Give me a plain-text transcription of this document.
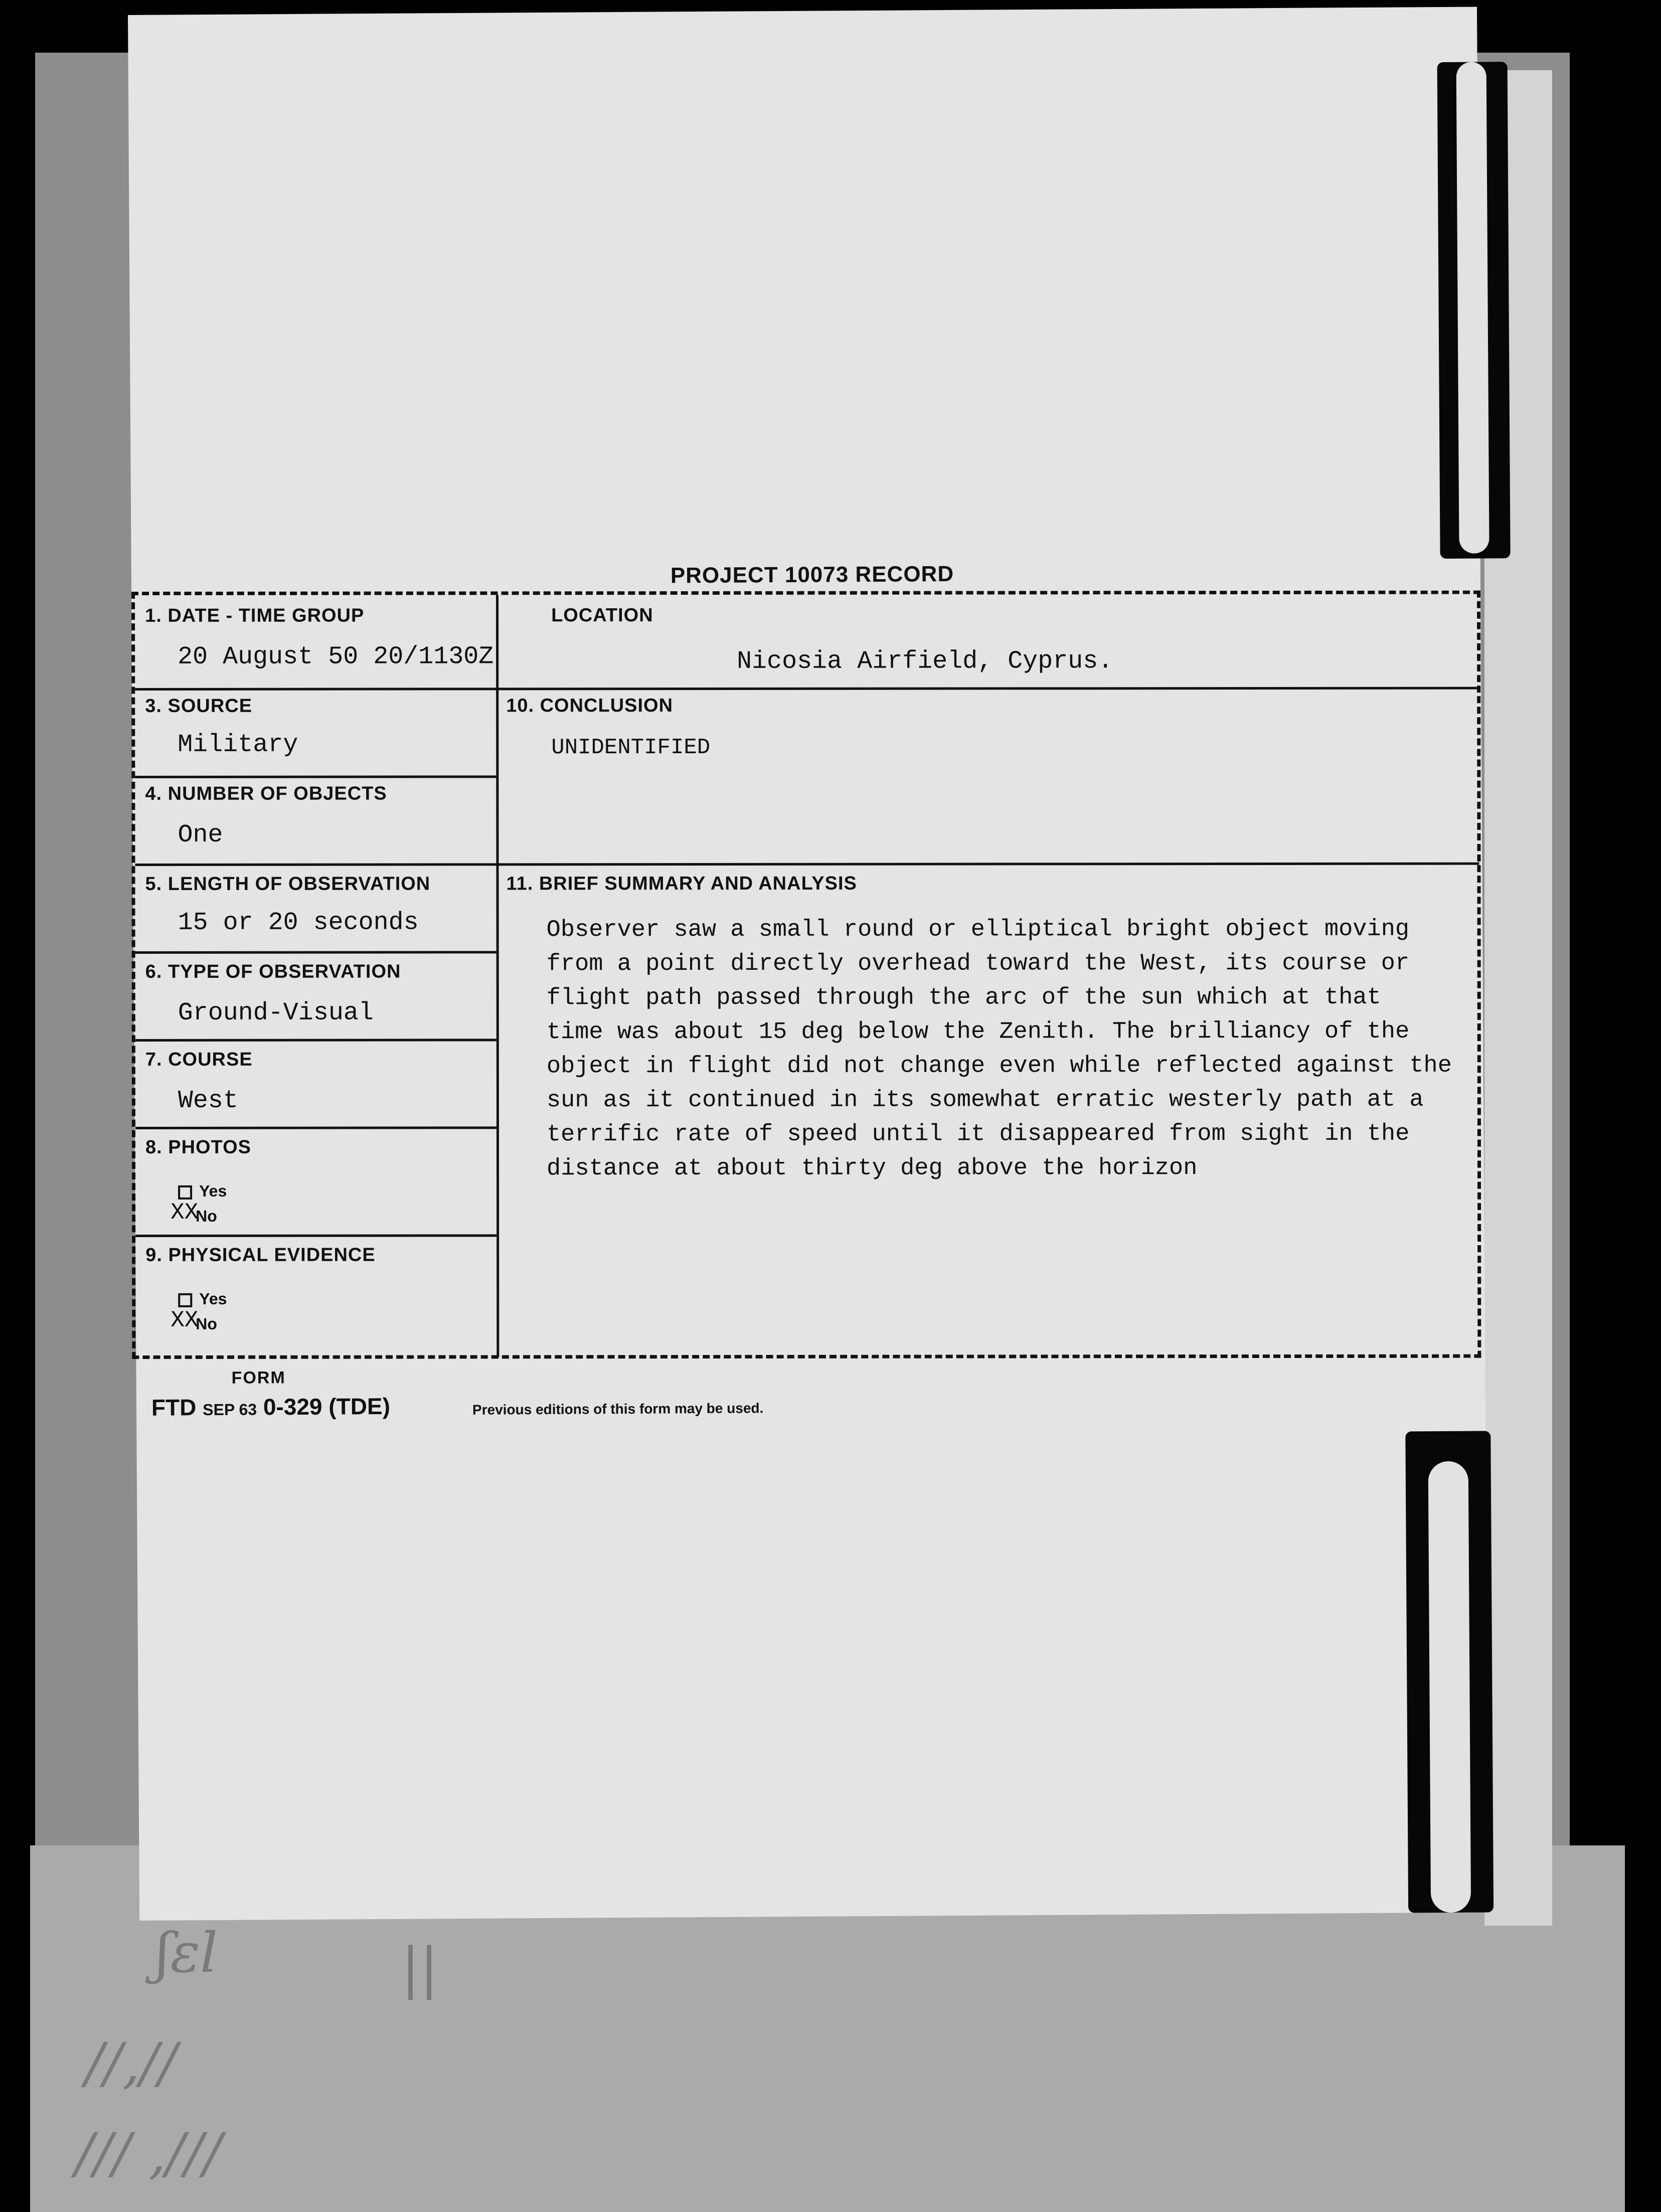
ʃɛl
//,//
/// ,///
||
PROJECT 10073 RECORD
1. DATE - TIME GROUP
20 August 50 20/1130Z
LOCATION
Nicosia Airfield, Cyprus.
3. SOURCE
Military
10. CONCLUSION
UNIDENTIFIED
4. NUMBER OF OBJECTS
One
5. LENGTH OF OBSERVATION
15 or 20 seconds
11. BRIEF SUMMARY AND ANALYSIS
Observer saw a small round or elliptical bright object moving
from a point directly overhead toward the West, its course or
flight path passed through the arc of the sun which at that
time was about 15 deg below the Zenith. The brilliancy of the
object in flight did not change even while reflected against the
sun as it continued in its somewhat erratic westerly path at a
terrific rate of speed until it disappeared from sight in the
distance at about thirty deg above the horizon
6. TYPE OF OBSERVATION
Ground-Visual
7. COURSE
West
8. PHOTOS
Yes
No
XX
9. PHYSICAL EVIDENCE
Yes
No
XX
FORM
FTD SEP 63 0-329 (TDE)	Previous editions of this form may be used.
